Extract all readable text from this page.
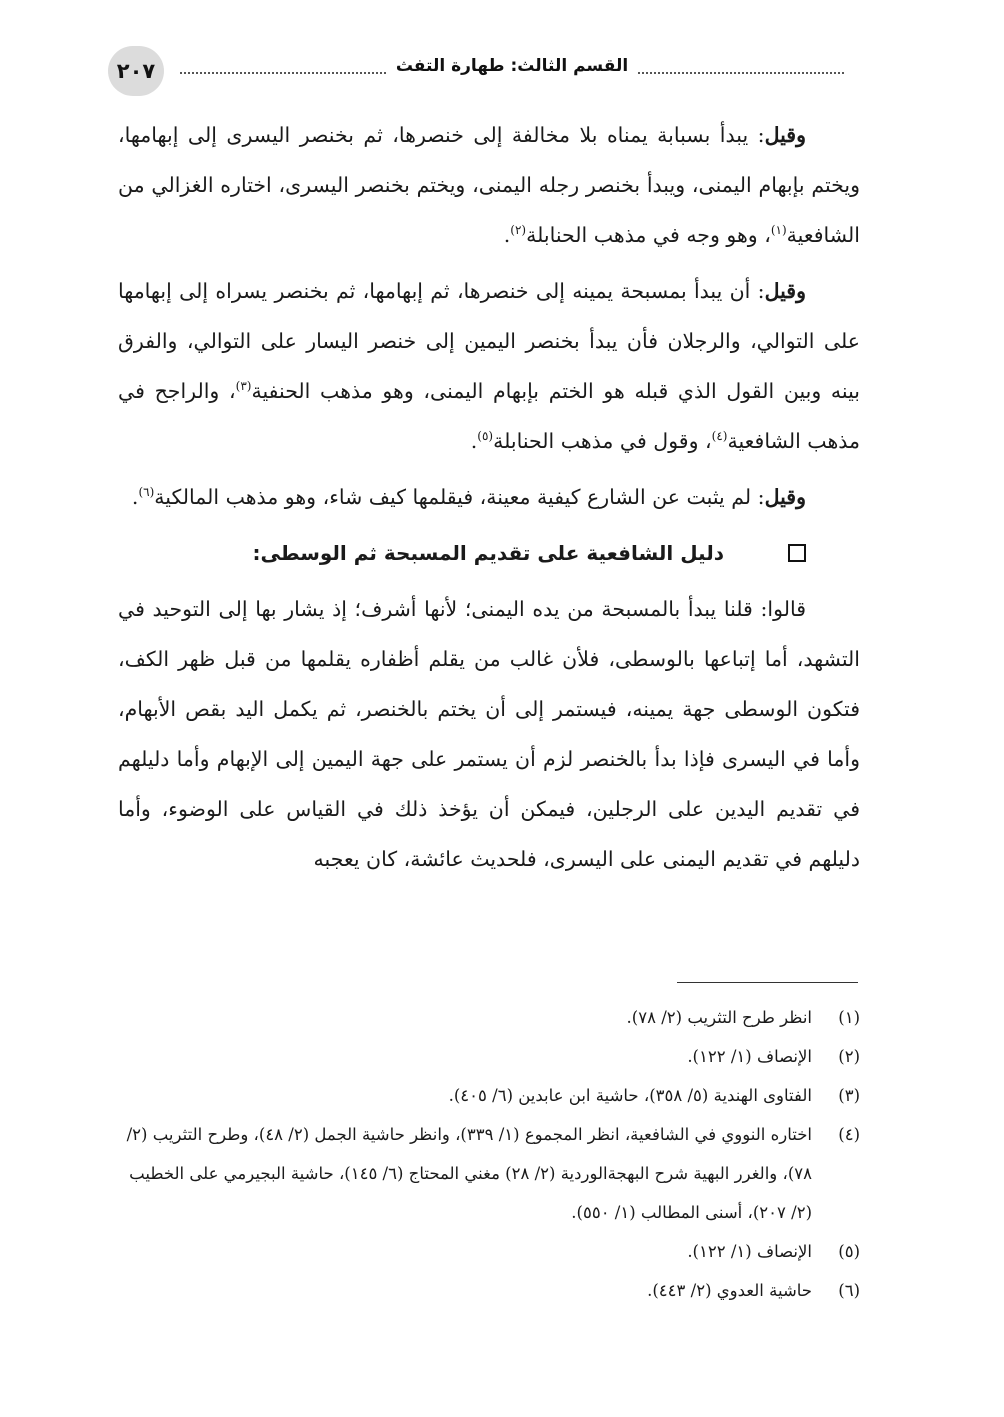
٢٠٧	القسم الثالث: طهارة التفث

وقيل: يبدأ بسبابة يمناه بلا مخالفة إلى خنصرها، ثم بخنصر اليسرى إلى إبهامها، ويختم بإبهام اليمنى، ويبدأ بخنصر رجله اليمنى، ويختم بخنصر اليسرى، اختاره الغزالي من الشافعية$^{(١)}$، وهو وجه في مذهب الحنابلة$^{(٢)}$.

وقيل: أن يبدأ بمسبحة يمينه إلى خنصرها، ثم إبهامها، ثم بخنصر يسراه إلى إبهامها على التوالي، والرجلان فأن يبدأ بخنصر اليمين إلى خنصر اليسار على التوالي، والفرق بينه وبين القول الذي قبله هو الختم بإبهام اليمنى، وهو مذهب الحنفية$^{(٣)}$، والراجح في مذهب الشافعية$^{(٤)}$، وقول في مذهب الحنابلة$^{(٥)}$.

وقيل: لم يثبت عن الشارع كيفية معينة، فيقلمها كيف شاء، وهو مذهب المالكية$^{(٦)}$.

دليل الشافعية على تقديم المسبحة ثم الوسطى:

قالوا: قلنا يبدأ بالمسبحة من يده اليمنى؛ لأنها أشرف؛ إذ يشار بها إلى التوحيد في التشهد، أما إتباعها بالوسطى، فلأن غالب من يقلم أظفاره يقلمها من قبل ظهر الكف، فتكون الوسطى جهة يمينه، فيستمر إلى أن يختم بالخنصر، ثم يكمل اليد بقص الأبهام، وأما في اليسرى فإذا بدأ بالخنصر لزم أن يستمر على جهة اليمين إلى الإبهام وأما دليلهم في تقديم اليدين على الرجلين، فيمكن أن يؤخذ ذلك في القياس على الوضوء، وأما دليلهم في تقديم اليمنى على اليسرى، فلحديث عائشة، كان يعجبه

(١)
انظر طرح التثريب (٢/ ٧٨).
(٢)
الإنصاف (١/ ١٢٢).
(٣)
الفتاوى الهندية (٥/ ٣٥٨)، حاشية ابن عابدين (٦/ ٤٠٥).
(٤)
اختاره النووي في الشافعية، انظر المجموع (١/ ٣٣٩)، وانظر حاشية الجمل (٢/ ٤٨)، وطرح التثريب (٢/ ٧٨)، والغرر البهية شرح البهجةالوردية (٢/ ٢٨) مغني المحتاج (٦/ ١٤٥)، حاشية البجيرمي على الخطيب (٢/ ٢٠٧)، أسنى المطالب (١/ ٥٥٠).
(٥)
الإنصاف (١/ ١٢٢).
(٦)
حاشية العدوي (٢/ ٤٤٣).
